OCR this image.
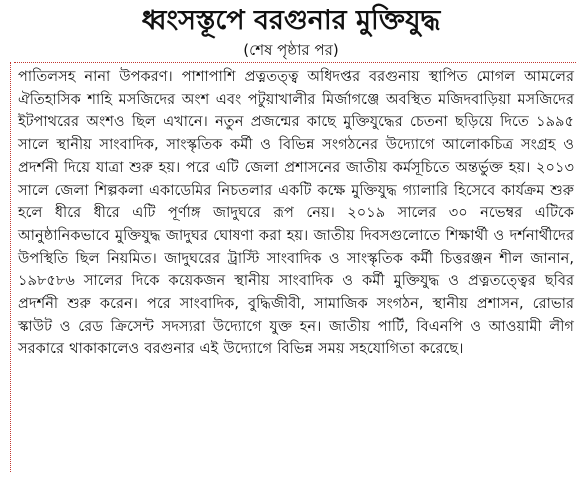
ধ্বংসস্তূপে বরগুনার মুক্তিযুদ্ধ

(শেষ পৃষ্ঠার পর)

পাতিলসহ নানা উপকরণ। পাশাপাশি প্রত্নতত্ত্ব অধিদপ্তর বরগুনায় স্থাপিত মোগল আমলের ঐতিহাসিক শাহি মসজিদের অংশ এবং পটুয়াখালীর মির্জাগঞ্জে অবস্থিত মজিদবাড়িয়া মসজিদের ইটপাথরের অংশও ছিল এখানে। নতুন প্রজন্মের কাছে মুক্তিযুদ্ধের চেতনা ছড়িয়ে দিতে ১৯৯৫ সালে স্থানীয় সাংবাদিক, সাংস্কৃতিক কর্মী ও বিভিন্ন সংগঠনের উদ্যোগে আলোকচিত্র সংগ্রহ ও প্রদর্শনী দিয়ে যাত্রা শুরু হয়। পরে এটি জেলা প্রশাসনের জাতীয় কর্মসূচিতে অন্তর্ভুক্ত হয়। ২০১৩ সালে জেলা শিল্পকলা একাডেমির নিচতলার একটি কক্ষে মুক্তিযুদ্ধ গ্যালারি হিসেবে কার্যক্রম শুরু হলে ধীরে ধীরে এটি পূর্ণাঙ্গ জাদুঘরে রূপ নেয়। ২০১৯ সালের ৩০ নভেম্বর এটিকে আনুষ্ঠানিকভাবে মুক্তিযুদ্ধ জাদুঘর ঘোষণা করা হয়। জাতীয় দিবসগুলোতে শিক্ষার্থী ও দর্শনার্থীদের উপস্থিতি ছিল নিয়মিত। জাদুঘরের ট্রাস্টি সাংবাদিক ও সাংস্কৃতিক কর্মী চিত্তরঞ্জন শীল জানান, ১৯৮৫৮৬ সালের দিকে কয়েকজন স্থানীয় সাংবাদিক ও কর্মী মুক্তিযুদ্ধ ও প্রত্নতত্ত্বের ছবির প্রদর্শনী শুরু করেন। পরে সাংবাদিক, বুদ্ধিজীবী, সামাজিক সংগঠন, স্থানীয় প্রশাসন, রোভার স্কাউট ও রেড ক্রিসেন্ট সদস্যরা উদ্যোগে যুক্ত হন। জাতীয় পার্টি, বিএনপি ও আওয়ামী লীগ সরকারে থাকাকালেও বরগুনার এই উদ্যোগে বিভিন্ন সময় সহযোগিতা করেছে।
